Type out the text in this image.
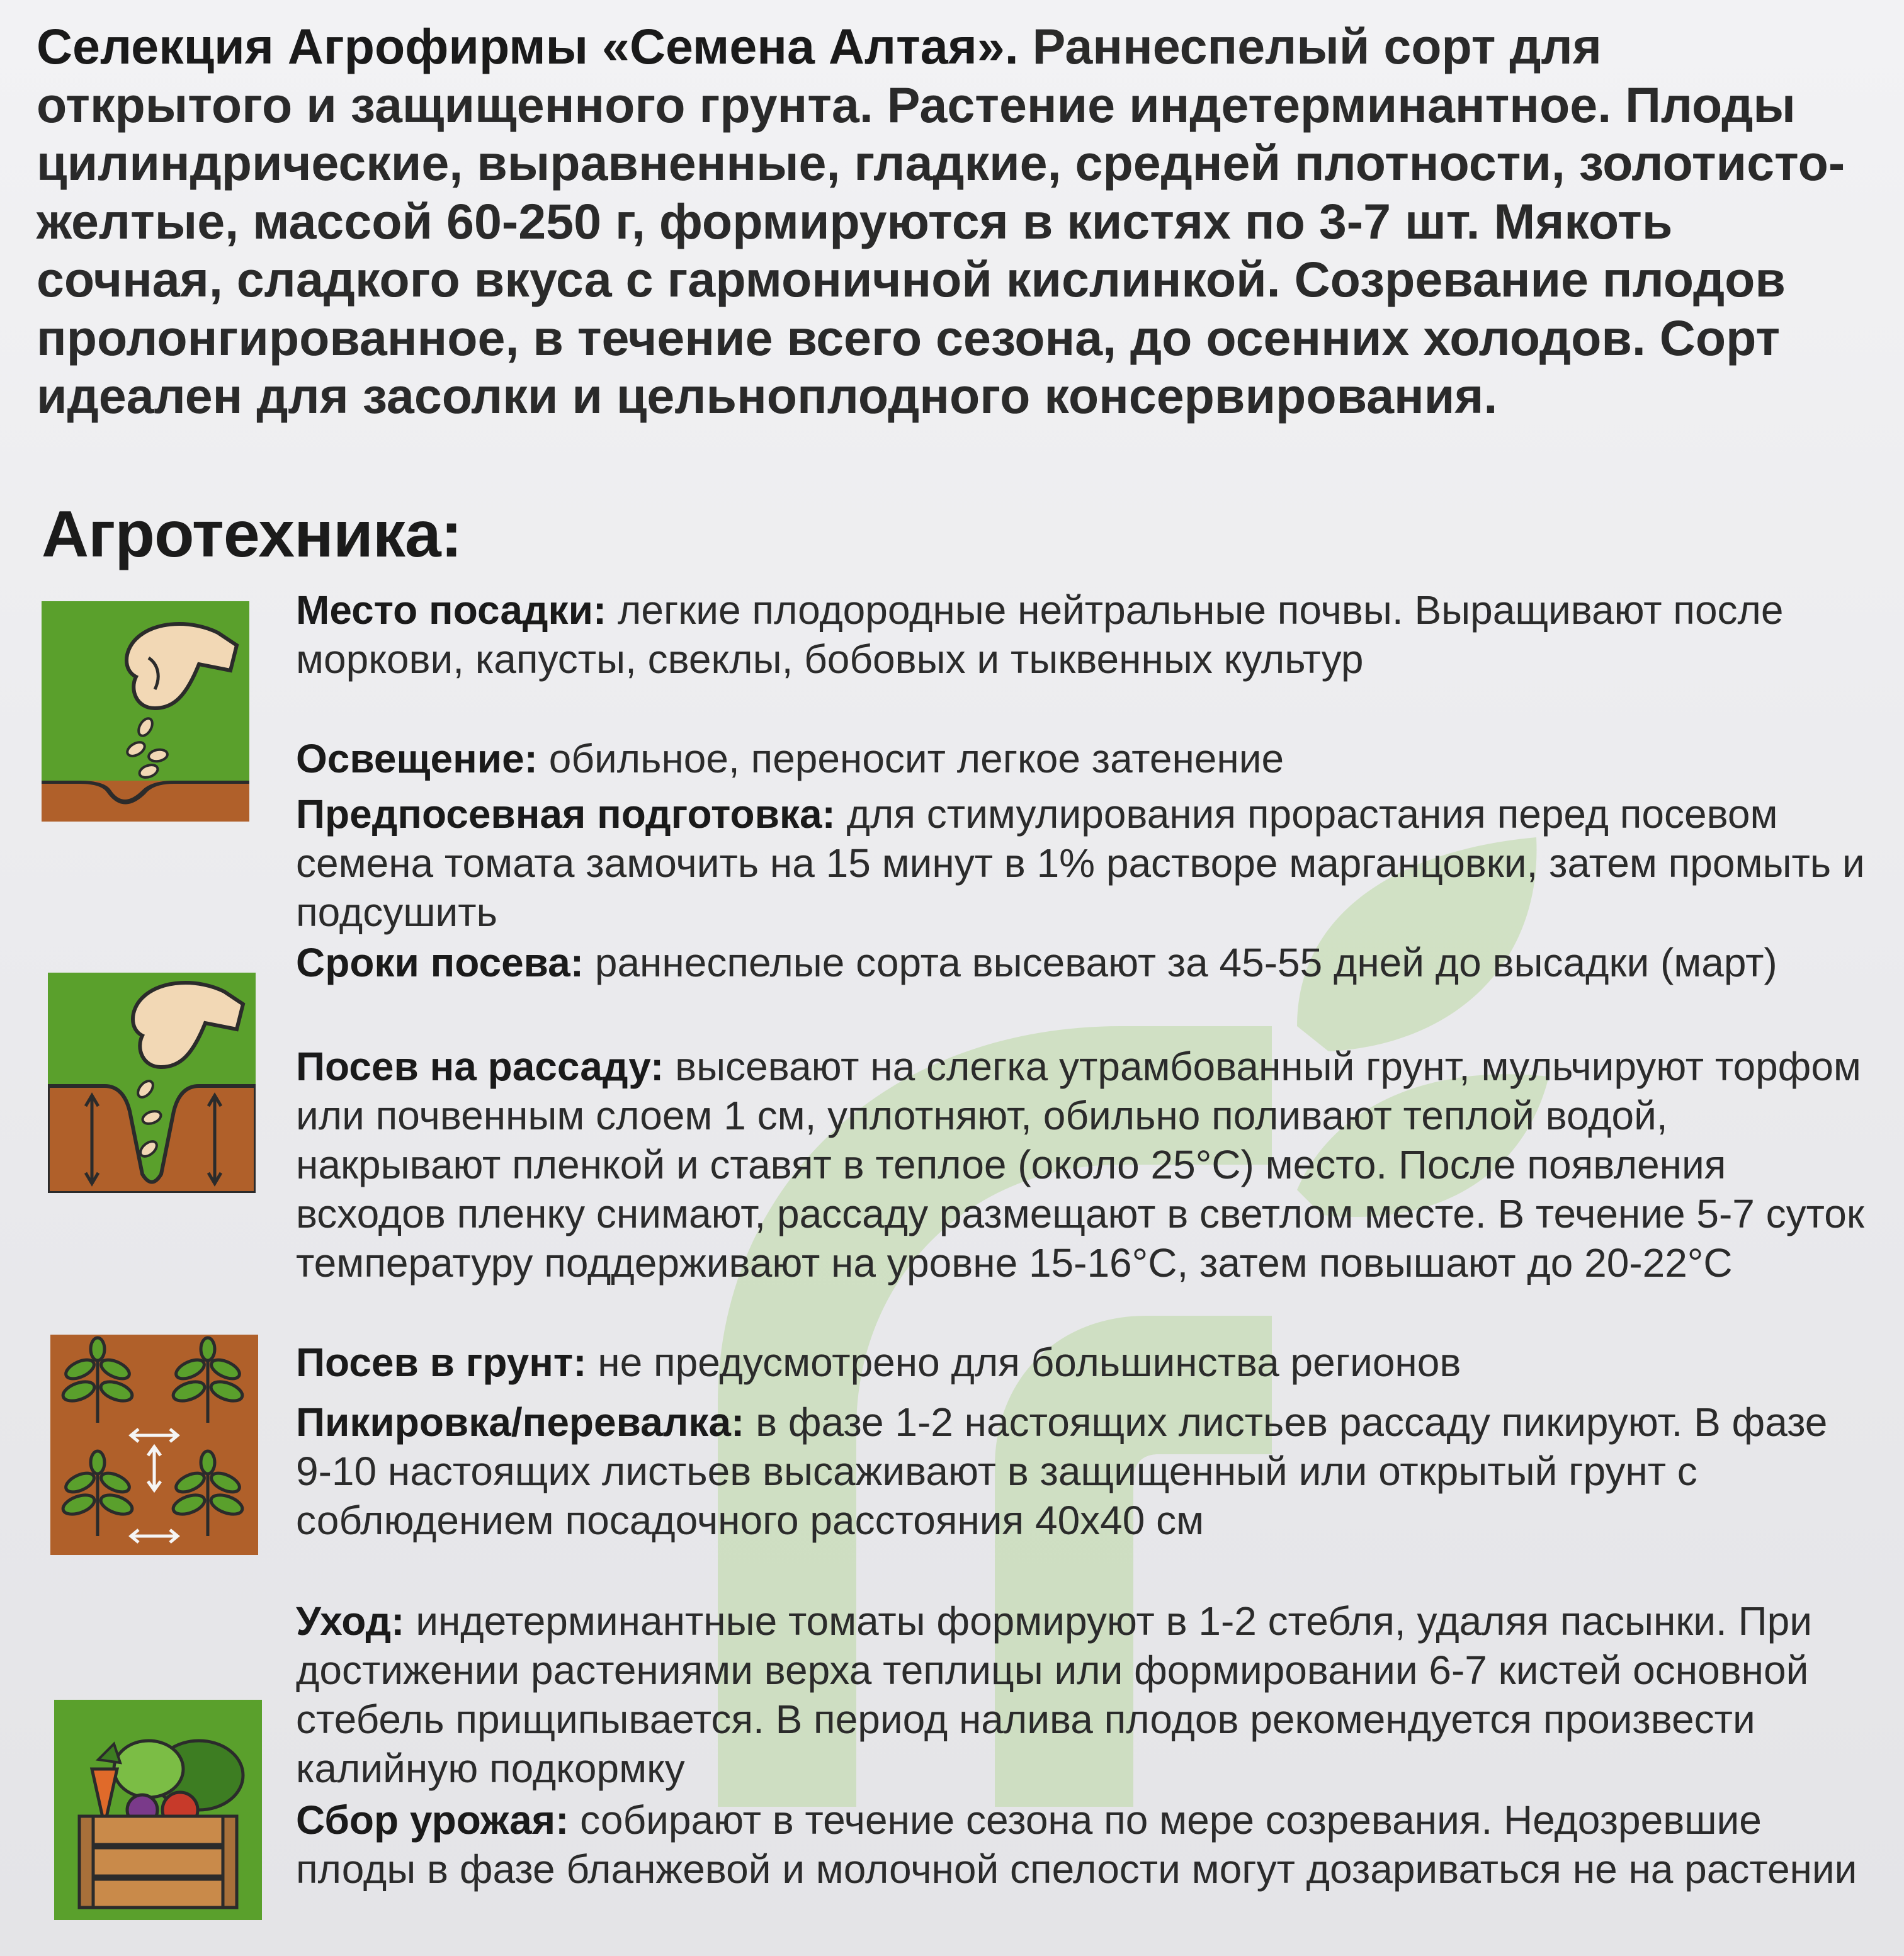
Селекция Агрофирмы «Семена Алтая». Раннеспелый сорт для открытого и защищенного грунта. Растение индетерминантное. Плоды цилиндрические, выравненные, гладкие, средней плотности, золотисто-желтые, массой 60-250 г, формируются в кистях по 3-7 шт. Мякоть сочная, сладкого вкуса с гармоничной кислинкой. Созревание плодов пролонгированное, в течение всего сезона, до осенних холодов. Сорт идеален для засолки и цельноплодного консервирования.

Агротехника:

Место посадки: легкие плодородные нейтральные почвы. Выращивают после моркови, капусты, свеклы, бобовых и тыквенных культур

Освещение: обильное, переносит легкое затенение

Предпосевная подготовка: для стимулирования прорастания перед посевом семена томата замочить на 15 минут в 1% растворе марганцовки, затем промыть и подсушить

Сроки посева: раннеспелые сорта высевают за 45-55 дней до высадки (март)

Посев на рассаду: высевают на слегка утрамбованный грунт, мульчируют торфом или почвенным слоем 1 см, уплотняют, обильно поливают теплой водой, накрывают пленкой и ставят в теплое (около 25°С) место. После появления всходов пленку снимают, рассаду размещают в светлом месте. В течение 5-7 суток температуру поддерживают на уровне 15-16°С, затем повышают до 20-22°С

Посев в грунт: не предусмотрено для большинства регионов

Пикировка/перевалка: в фазе 1-2 настоящих листьев рассаду пикируют. В фазе 9-10 настоящих листьев высаживают в защищенный или открытый грунт с соблюдением посадочного расстояния 40х40 см

Уход: индетерминантные томаты формируют в 1-2 стебля, удаляя пасынки. При достижении растениями верха теплицы или формировании 6-7 кистей основной стебель прищипывается. В период налива плодов рекомендуется произвести калийную подкормку

Сбор урожая: собирают в течение сезона по мере созревания. Недозревшие плоды в фазе бланжевой и молочной спелости могут дозариваться не на растении
